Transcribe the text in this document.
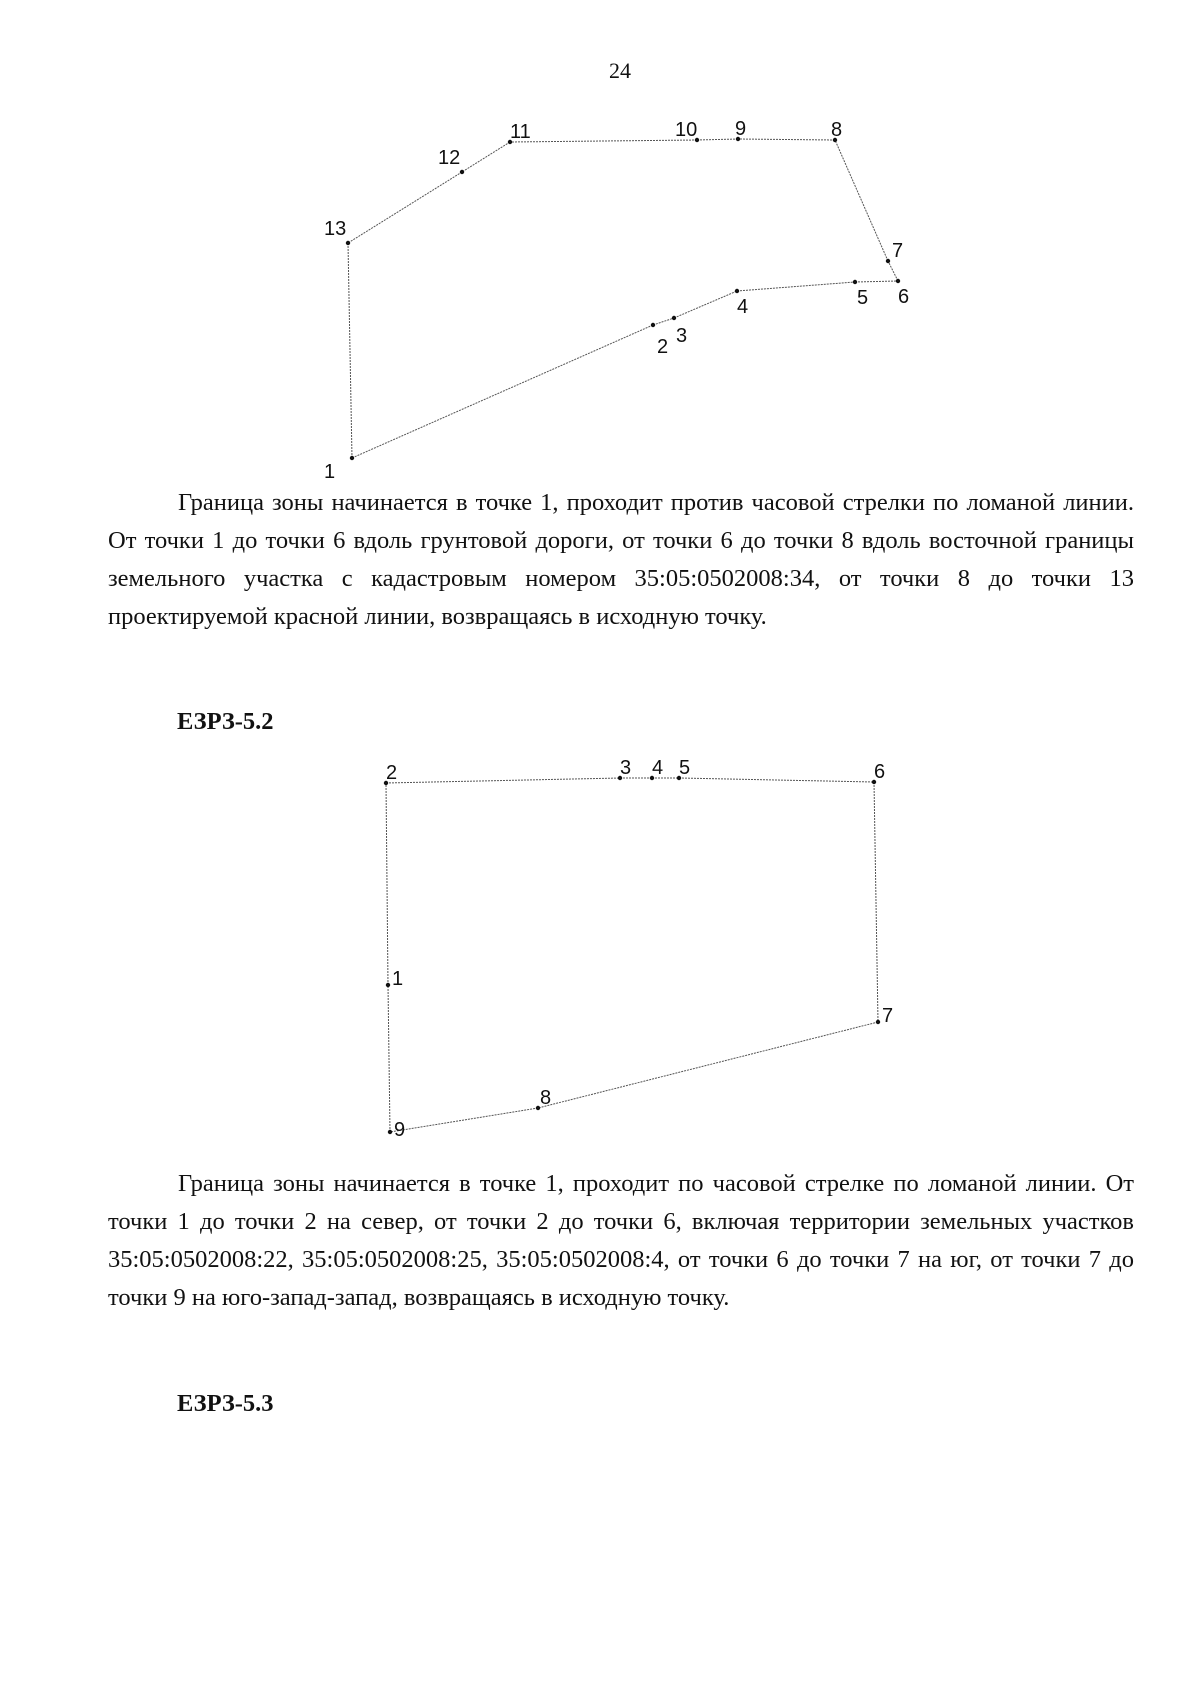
24
1
2 3
4	5 6
7
8
9
10
11
12
13

Граница зоны начинается в точке 1, проходит против часовой стрелки по ломаной линии. От точки 1 до точки 6 вдоль грунтовой дороги, от точки 6 до точки 8 вдоль восточной границы земельного участка с кадастровым номером 35:05:0502008:34, от точки 8 до точки 13 проектируемой красной линии, возвращаясь в исходную точку.

ЕЗРЗ-5.2
1
2	3 4 5	6
7
8
9

Граница зоны начинается в точке 1, проходит по часовой стрелке по ломаной линии. От точки 1 до точки 2 на север, от точки 2 до точки 6, включая территории земельных участков 35:05:0502008:22, 35:05:0502008:25, 35:05:0502008:4, от точки 6 до точки 7 на юг, от точки 7 до точки 9 на юго-запад-запад, возвращаясь в исходную точку.

ЕЗРЗ-5.3
